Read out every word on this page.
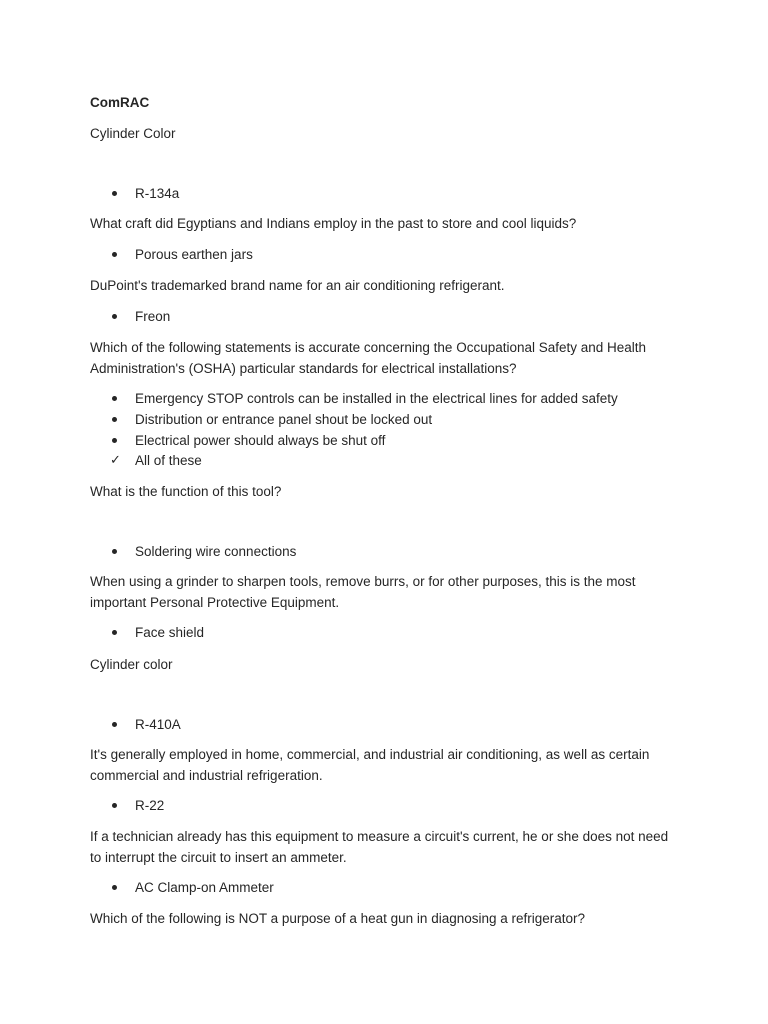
ComRAC

Cylinder Color

R-134a

What craft did Egyptians and Indians employ in the past to store and cool liquids?

Porous earthen jars

DuPoint's trademarked brand name for an air conditioning refrigerant.

Freon

Which of the following statements is accurate concerning the Occupational Safety and Health Administration's (OSHA) particular standards for electrical installations?

Emergency STOP controls can be installed in the electrical lines for added safety
Distribution or entrance panel shout be locked out
Electrical power should always be shut off
✓ All of these

What is the function of this tool?

Soldering wire connections

When using a grinder to sharpen tools, remove burrs, or for other purposes, this is the most important Personal Protective Equipment.

Face shield

Cylinder color

R-410A

It's generally employed in home, commercial, and industrial air conditioning, as well as certain commercial and industrial refrigeration.

R-22

If a technician already has this equipment to measure a circuit's current, he or she does not need to interrupt the circuit to insert an ammeter.

AC Clamp-on Ammeter

Which of the following is NOT a purpose of a heat gun in diagnosing a refrigerator?
